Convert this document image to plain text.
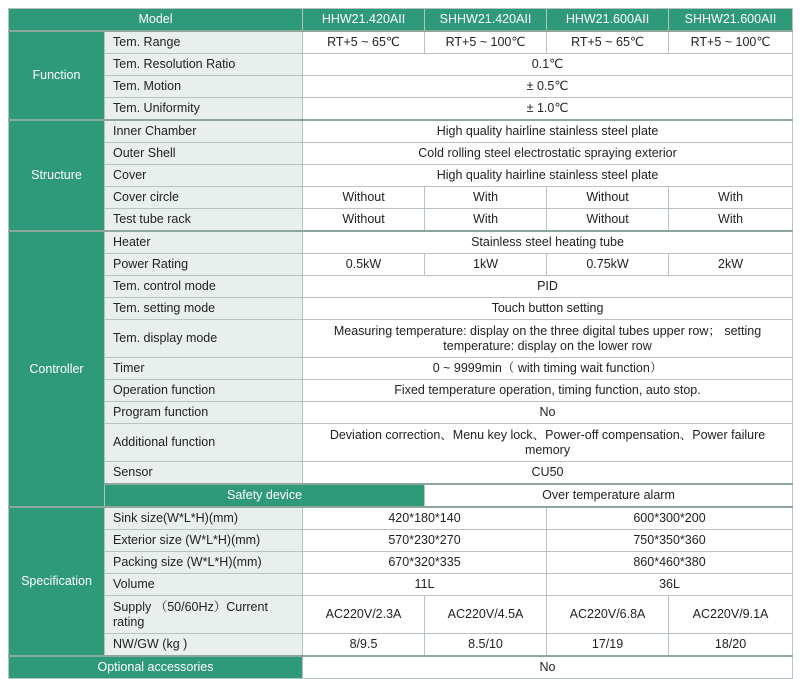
Model		HHW21.420AII	SHHW21.420AII	HHW21.600AII	SHHW21.600AII
Function	Tem. Range	RT+5 ~ 65℃	RT+5 ~ 100℃	RT+5 ~ 65℃	RT+5 ~ 100℃
	Tem. Resolution Ratio	0.1℃			
	Tem. Motion	± 0.5℃			
	Tem. Uniformity	± 1.0℃			
Structure	Inner Chamber	High quality hairline stainless steel plate			
	Outer Shell	Cold rolling steel electrostatic spraying exterior			
	Cover	High quality hairline stainless steel plate			
	Cover circle	Without	With	Without	With
	Test tube rack	Without	With	Without	With
Controller	Heater	Stainless steel heating tube			
	Power Rating	0.5kW	1kW	0.75kW	2kW
	Tem. control mode	PID			
	Tem. setting mode	Touch button setting			
	Tem. display mode	Measuring temperature: display on the three digital tubes upper row； setting temperature: display on the lower row			
	Timer	0 ~ 9999min（ with timing wait function）			
	Operation function	Fixed temperature operation, timing function, auto stop.			
	Program function	No			
	Additional function	Deviation correction、Menu key lock、Power-off compensation、Power failure memory			
	Sensor	CU50			
	Safety device		Over temperature alarm		
Specification	Sink size(W*L*H)(mm)	420*180*140		600*300*200	
	Exterior size (W*L*H)(mm)	570*230*270		750*350*360	
	Packing size (W*L*H)(mm)	670*320*335		860*460*380	
	Volume	11L		36L	
	Supply （50/60Hz）Current rating	AC220V/2.3A	AC220V/4.5A	AC220V/6.8A	AC220V/9.1A
	NW/GW (kg )	8/9.5	8.5/10	17/19	18/20
Optional accessories		No			
